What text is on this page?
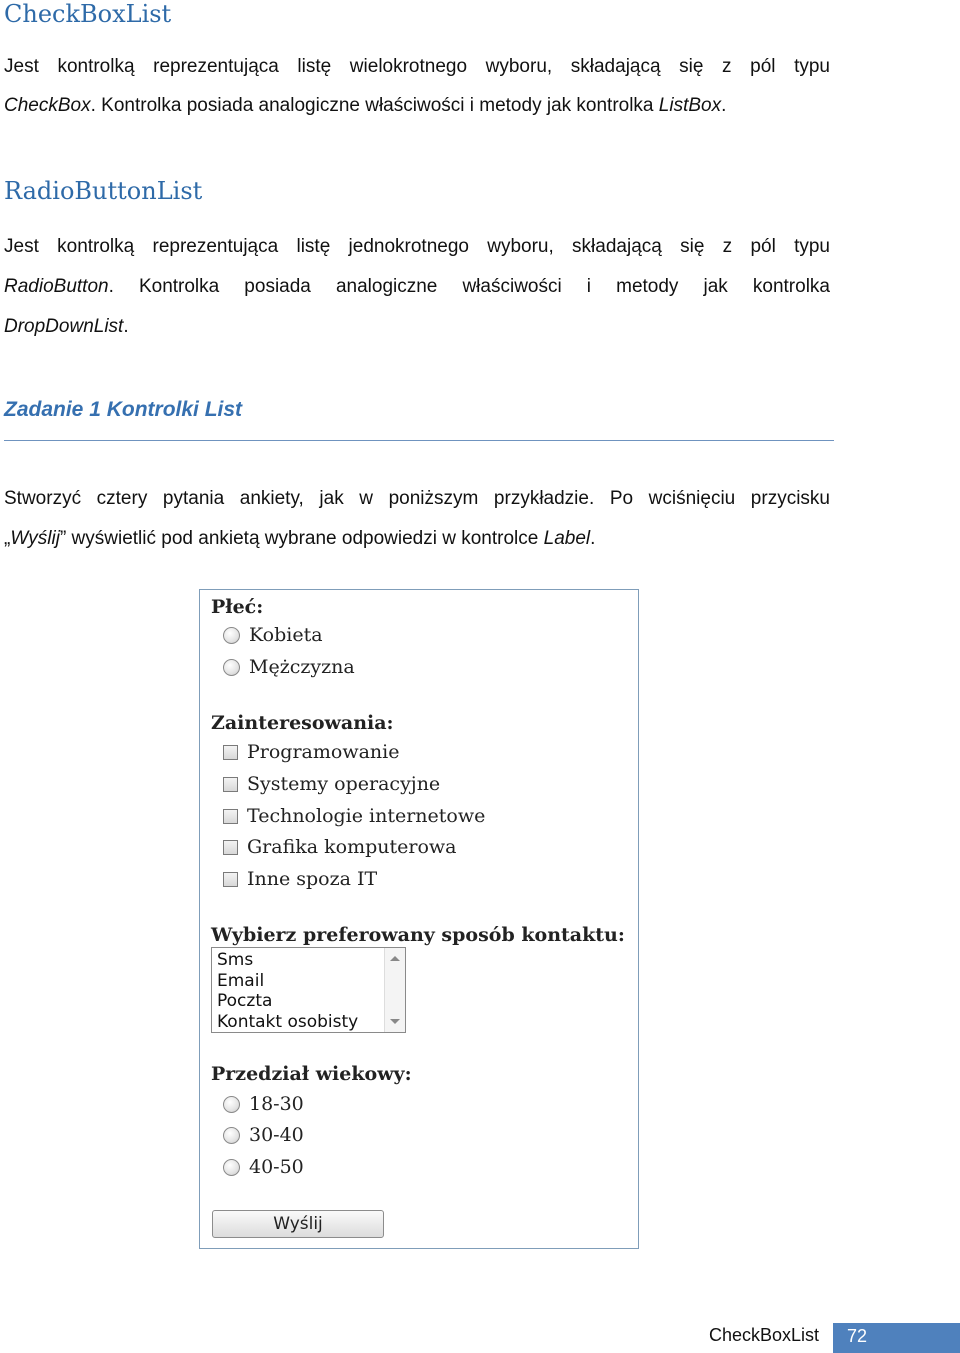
CheckBoxList

Jest kontrolką reprezentująca listę wielokrotnego wyboru, składającą się z pól typu

CheckBox. Kontrolka posiada analogiczne właściwości i metody jak kontrolka ListBox.

RadioButtonList

Jest kontrolką reprezentująca listę jednokrotnego wyboru, składającą się z pól typu

RadioButton. Kontrolka posiada analogiczne właściwości i metody jak kontrolka

DropDownList.

Zadanie 1 Kontrolki List

Stworzyć cztery pytania ankiety, jak w poniższym przykładzie. Po wciśnięciu przycisku

„Wyślij” wyświetlić pod ankietą wybrane odpowiedzi w kontrolce Label.

Płeć:
Kobieta
Mężczyzna
Zainteresowania:
Programowanie
Systemy operacyjne
Technologie internetowe
Grafika komputerowa
Inne spoza IT
Wybierz preferowany sposób kontaktu:
Sms
Email
Poczta
Kontakt osobisty
Przedział wiekowy:
18-30
30-40
40-50
Wyślij
CheckBoxList 72
